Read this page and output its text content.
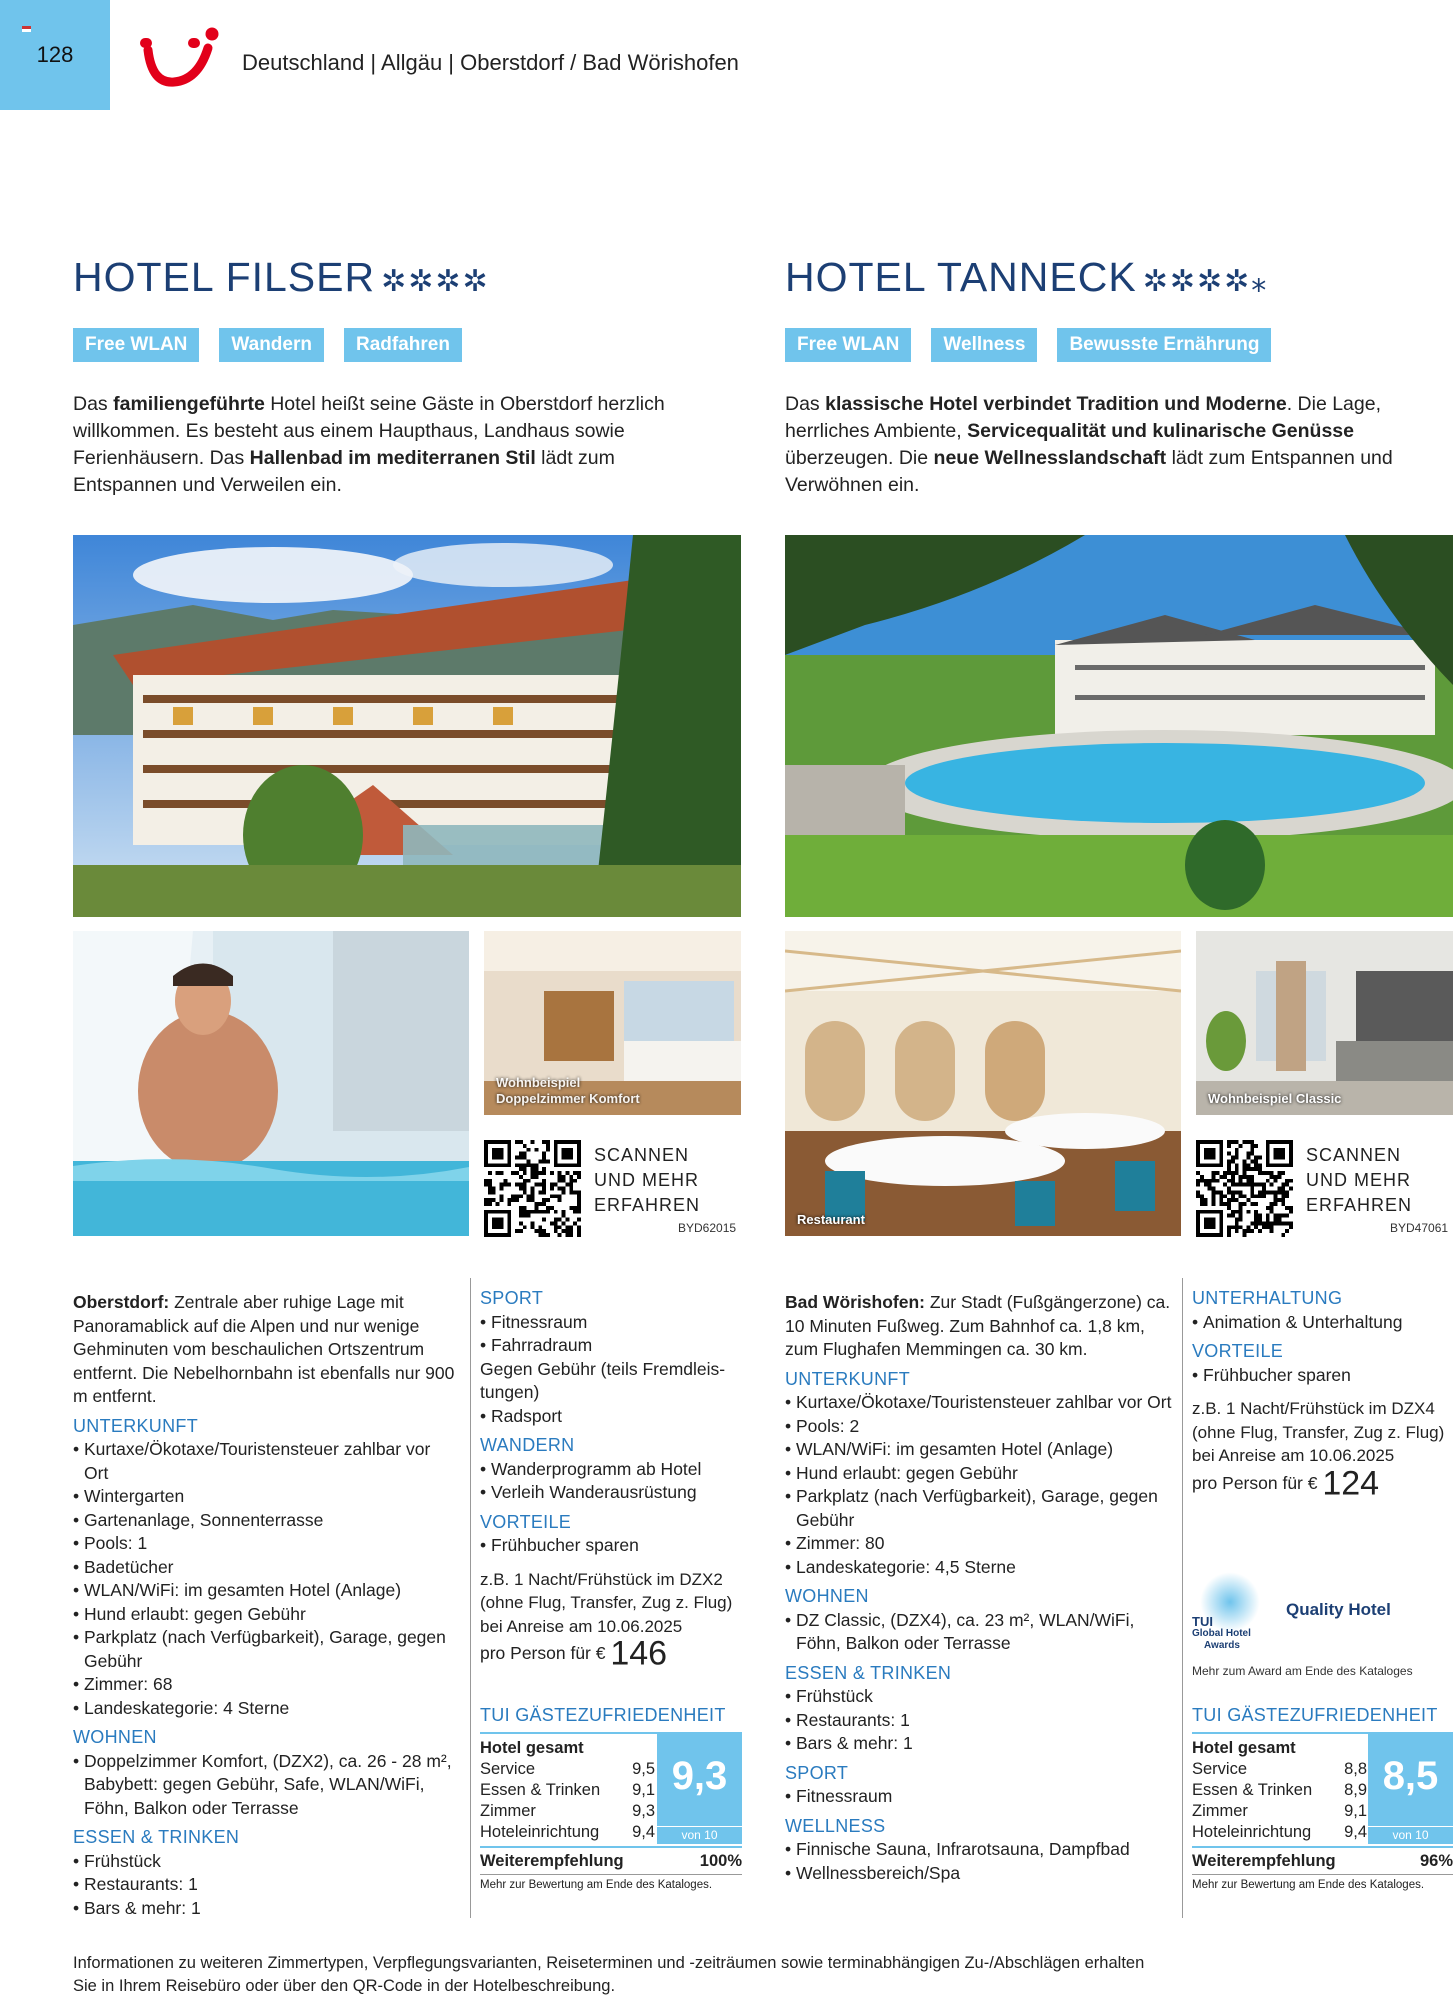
128	Deutschland | Allgäu | Oberstdorf / Bad Wörishofen
HOTEL FILSER ✲✲✲✲
Free WLAN	Wandern	Radfahren
Das familiengeführte Hotel heißt seine Gäste in Oberstdorf herzlich willkommen. Es besteht aus einem Haupthaus, Landhaus sowie Ferienhäusern. Das Hallenbad im mediterranen Stil lädt zum Entspannen und Verweilen ein.
HOTEL TANNECK ✲✲✲✲⁎
Free WLAN	Wellness	Bewusste Ernährung
Das klassische Hotel verbindet Tradition und Moderne. Die Lage, herrliches Ambiente, Servicequalität und kulinarische Genüsse überzeugen. Die neue Wellnesslandschaft lädt zum Entspannen und Verwöhnen ein.
Wohnbeispiel
Doppelzimmer Komfort
SCANNEN
UND MEHR
ERFAHREN
BYD62015
Restaurant
Wohnbeispiel Classic
SCANNEN
UND MEHR
ERFAHREN
BYD47061
Oberstdorf: Zentrale aber ruhige Lage mit Panoramablick auf die Alpen und nur wenige Gehminuten vom beschaulichen Ortszentrum entfernt. Die Nebelhornbahn ist ebenfalls nur 900 m entfernt.
UNTERKUNFT
• Kurtaxe/Ökotaxe/Touristensteuer zahlbar vor Ort
• Wintergarten
• Gartenanlage, Sonnenterrasse
• Pools: 1
• Badetücher
• WLAN/WiFi: im gesamten Hotel (Anlage)
• Hund erlaubt: gegen Gebühr
• Parkplatz (nach Verfügbarkeit), Garage, gegen Gebühr
• Zimmer: 68
• Landeskategorie: 4 Sterne
WOHNEN
• Doppelzimmer Komfort, (DZX2), ca. 26 - 28 m², Babybett: gegen Gebühr, Safe, WLAN/WiFi, Föhn, Balkon oder Terrasse
ESSEN & TRINKEN
• Frühstück
• Restaurants: 1
• Bars & mehr: 1
SPORT
• Fitnessraum
• Fahrradraum
Gegen Gebühr (teils Fremdleis-tungen)
• Radsport
WANDERN
• Wanderprogramm ab Hotel
• Verleih Wanderausrüstung
VORTEILE
• Frühbucher sparen
z.B. 1 Nacht/Frühstück im DZX2 (ohne Flug, Transfer, Zug z. Flug) bei Anreise am 10.06.2025
pro Person für € 146
TUI GÄSTEZUFRIEDENHEIT
Hotel gesamt
Service	9,5
Essen & Trinken	9,1
Zimmer	9,3
Hoteleinrichtung	9,4
9,3
von 10
Weiterempfehlung	100%
Mehr zur Bewertung am Ende des Kataloges.
Bad Wörishofen: Zur Stadt (Fußgängerzone) ca. 10 Minuten Fußweg. Zum Bahnhof ca. 1,8 km, zum Flughafen Memmingen ca. 30 km.
UNTERKUNFT
• Kurtaxe/Ökotaxe/Touristensteuer zahlbar vor Ort
• Pools: 2
• WLAN/WiFi: im gesamten Hotel (Anlage)
• Hund erlaubt: gegen Gebühr
• Parkplatz (nach Verfügbarkeit), Garage, gegen Gebühr
• Zimmer: 80
• Landeskategorie: 4,5 Sterne
WOHNEN
• DZ Classic, (DZX4), ca. 23 m², WLAN/WiFi, Föhn, Balkon oder Terrasse
ESSEN & TRINKEN
• Frühstück
• Restaurants: 1
• Bars & mehr: 1
SPORT
• Fitnessraum
WELLNESS
• Finnische Sauna, Infrarotsauna, Dampfbad
• Wellnessbereich/Spa
UNTERHALTUNG
• Animation & Unterhaltung
VORTEILE
• Frühbucher sparen
z.B. 1 Nacht/Frühstück im DZX4 (ohne Flug, Transfer, Zug z. Flug) bei Anreise am 10.06.2025
pro Person für € 124
TUI
Global Hotel
Awards
Quality Hotel
Mehr zum Award am Ende des Kataloges
TUI GÄSTEZUFRIEDENHEIT
Hotel gesamt
Service	8,8
Essen & Trinken	8,9
Zimmer	9,1
Hoteleinrichtung	9,4
8,5
von 10
Weiterempfehlung	96%
Mehr zur Bewertung am Ende des Kataloges.
Informationen zu weiteren Zimmertypen, Verpflegungsvarianten, Reiseterminen und -zeiträumen sowie terminabhängigen Zu-/Abschlägen erhalten Sie in Ihrem Reisebüro oder über den QR-Code in der Hotelbeschreibung.
